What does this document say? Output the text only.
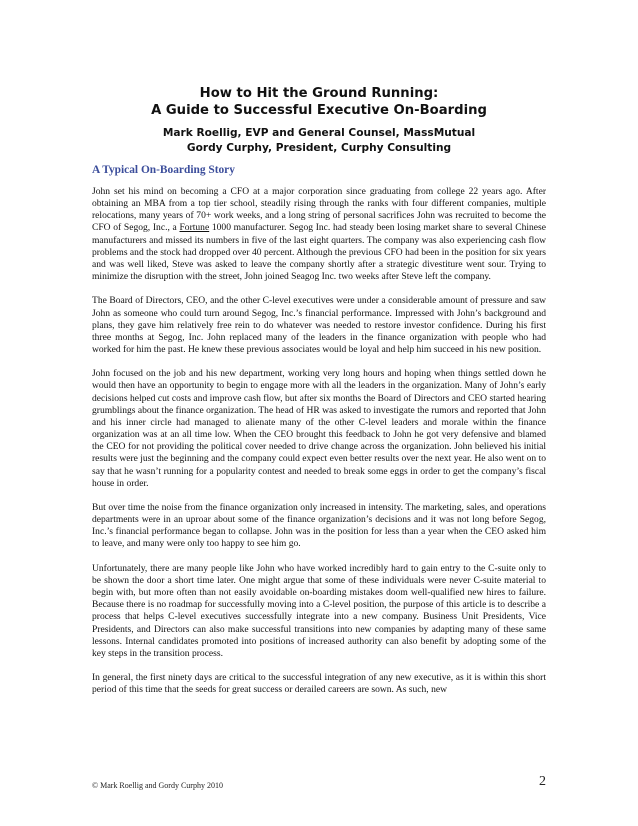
How to Hit the Ground Running:
A Guide to Successful Executive On-Boarding
Mark Roellig, EVP and General Counsel, MassMutual
Gordy Curphy, President, Curphy Consulting
A Typical On-Boarding Story

John set his mind on becoming a CFO at a major corporation since graduating from college 22 years ago. After obtaining an MBA from a top tier school, steadily rising through the ranks with four different companies, multiple relocations, many years of 70+ work weeks, and a long string of personal sacrifices John was recruited to become the CFO of Segog, Inc., a Fortune 1000 manufacturer. Segog Inc. had steady been losing market share to several Chinese manufacturers and missed its numbers in five of the last eight quarters. The company was also experiencing cash flow problems and the stock had dropped over 40 percent. Although the previous CFO had been in the position for six years and was well liked, Steve was asked to leave the company shortly after a strategic divestiture went sour. Trying to minimize the disruption with the street, John joined Seagog Inc. two weeks after Steve left the company.

The Board of Directors, CEO, and the other C-level executives were under a considerable amount of pressure and saw John as someone who could turn around Segog, Inc.’s financial performance. Impressed with John’s background and plans, they gave him relatively free rein to do whatever was needed to restore investor confidence. During his first three months at Segog, Inc. John replaced many of the leaders in the finance organization with people who had worked for him the past. He knew these previous associates would be loyal and help him succeed in his new position.

John focused on the job and his new department, working very long hours and hoping when things settled down he would then have an opportunity to begin to engage more with all the leaders in the organization. Many of John’s early decisions helped cut costs and improve cash flow, but after six months the Board of Directors and CEO started hearing grumblings about the finance organization. The head of HR was asked to investigate the rumors and reported that John and his inner circle had managed to alienate many of the other C-level leaders and morale within the finance organization was at an all time low. When the CEO brought this feedback to John he got very defensive and blamed the CEO for not providing the political cover needed to drive change across the organization. John believed his initial results were just the beginning and the company could expect even better results over the next year. He also went on to say that he wasn’t running for a popularity contest and needed to break some eggs in order to get the company’s fiscal house in order.

But over time the noise from the finance organization only increased in intensity. The marketing, sales, and operations departments were in an uproar about some of the finance organization’s decisions and it was not long before Segog, Inc.’s financial performance began to collapse. John was in the position for less than a year when the CEO asked him to leave, and many were only too happy to see him go.

Unfortunately, there are many people like John who have worked incredibly hard to gain entry to the C-suite only to be shown the door a short time later. One might argue that some of these individuals were never C-suite material to begin with, but more often than not easily avoidable on-boarding mistakes doom well-qualified new hires to failure. Because there is no roadmap for successfully moving into a C-level position, the purpose of this article is to describe a process that helps C-level executives successfully integrate into a new company. Business Unit Presidents, Vice Presidents, and Directors can also make successful transitions into new companies by adapting many of these same lessons. Internal candidates promoted into positions of increased authority can also benefit by adopting some of the key steps in the transition process.

In general, the first ninety days are critical to the successful integration of any new executive, as it is within this short period of this time that the seeds for great success or derailed careers are sown. As such, new

© Mark Roellig and Gordy Curphy 2010	2
